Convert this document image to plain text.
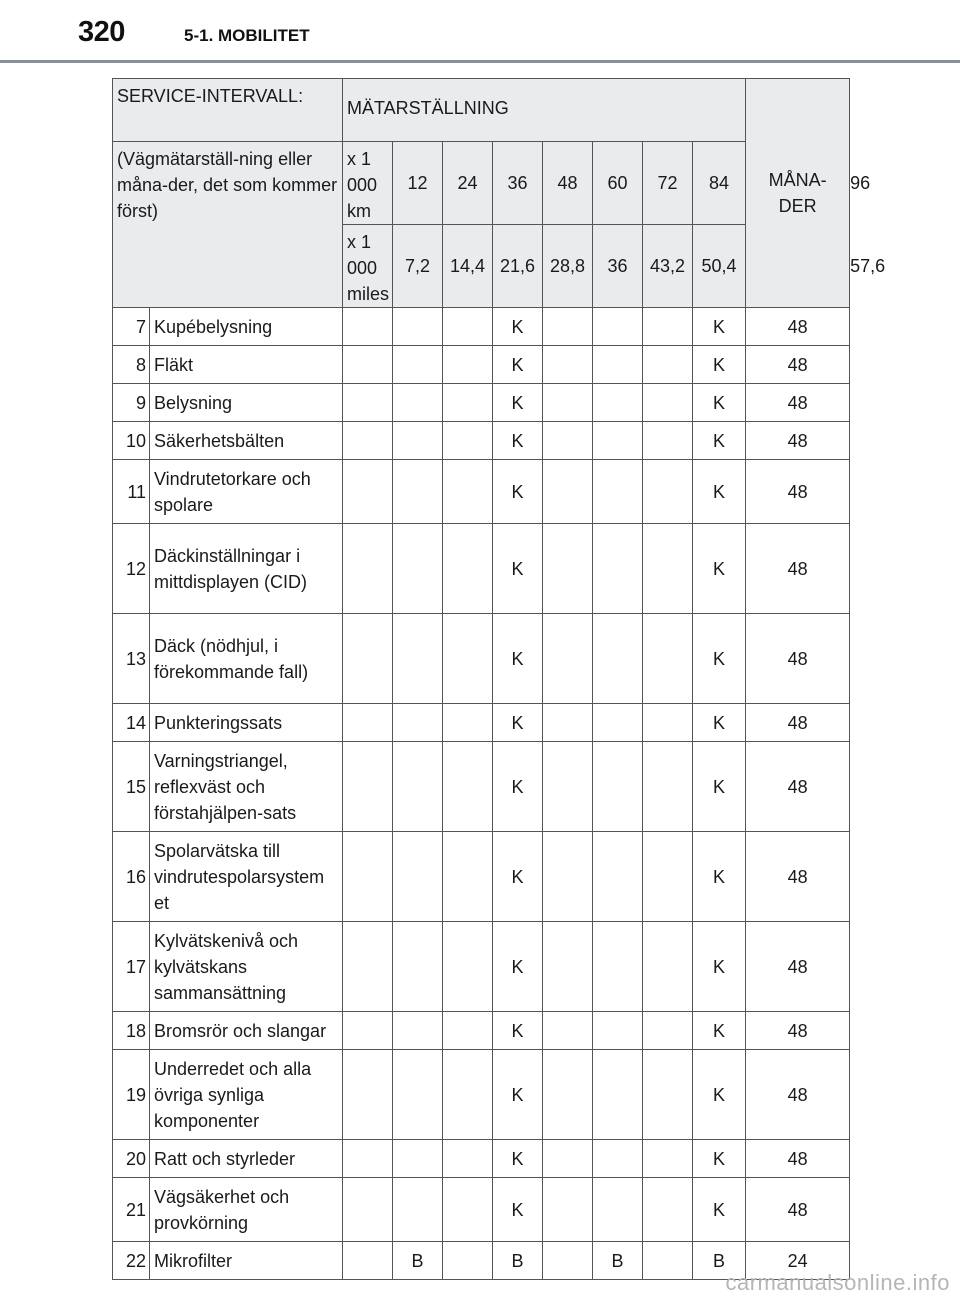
320	5-1. MOBILITET
SERVICE-INTERVALL:		MÄTARSTÄLLNING								MÅNA-DER	
(Vägmätarställ-ning eller måna-der, det som kommer först)		x 1 000 km	12	24	36	48	60	72	84		96
		x 1 000 miles	7,2	14,4	21,6	28,8	36	43,2	50,4		57,6
7	Kupébelysning				K				K	48	
8	Fläkt				K				K	48	
9	Belysning				K				K	48	
10	Säkerhetsbälten				K				K	48	
11	Vindrutetorkare och spolare				K				K	48	
12	Däckinställningar i mittdisplayen (CID)				K				K	48	
13	Däck (nödhjul, i förekommande fall)				K				K	48	
14	Punkteringssats				K				K	48	
15	Varningstriangel, reflexväst och förstahjälpen-sats				K				K	48	
16	Spolarvätska till vindrutespolarsystem et				K				K	48	
17	Kylvätskenivå och kylvätskans sammansättning				K				K	48	
18	Bromsrör och slangar				K				K	48	
19	Underredet och alla övriga synliga komponenter				K				K	48	
20	Ratt och styrleder				K				K	48	
21	Vägsäkerhet och provkörning				K				K	48	
22	Mikrofilter		B		B		B		B	24	
carmanualsonline.info
